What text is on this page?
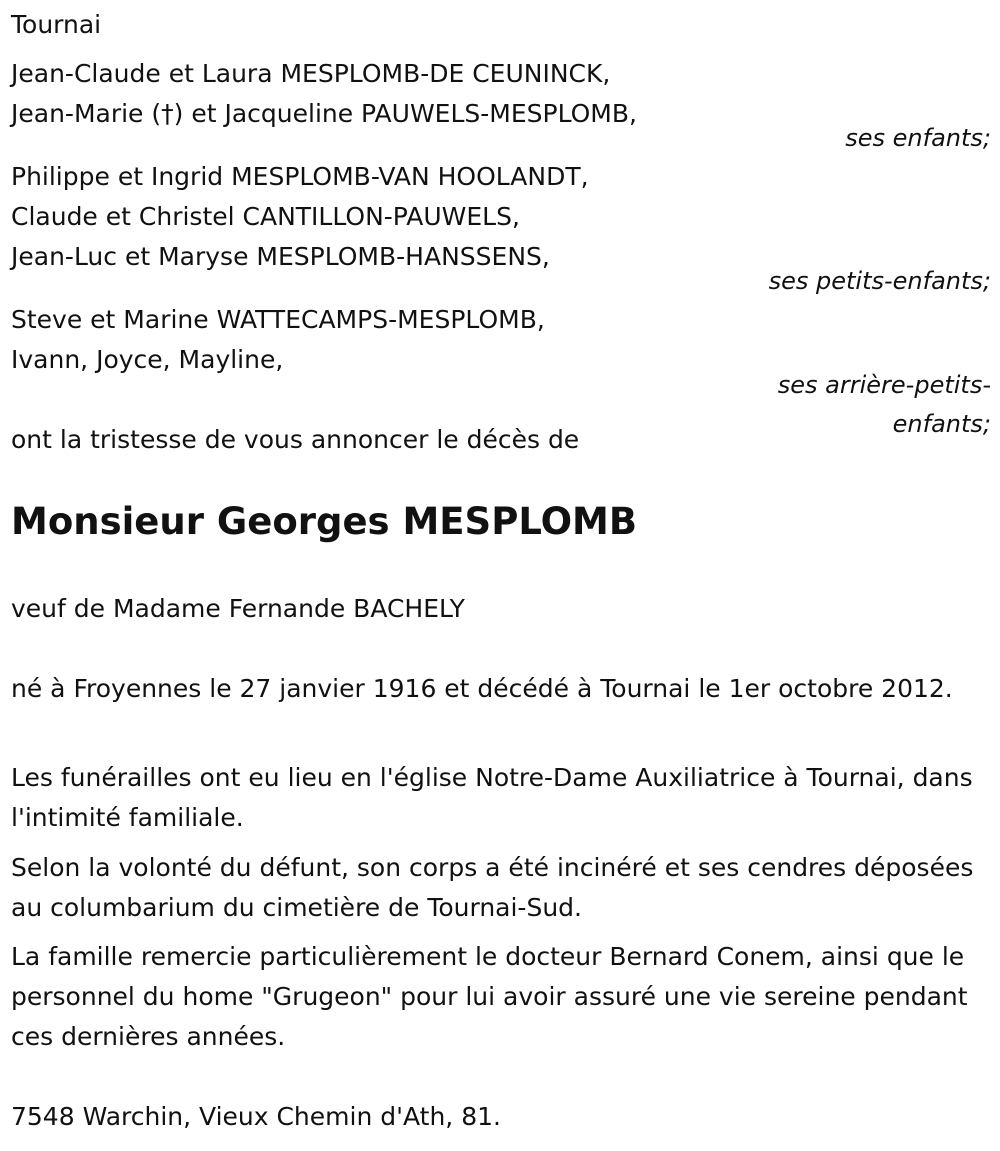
Tournai
Jean-Claude et Laura MESPLOMB-DE CEUNINCK,
Jean-Marie (†) et Jacqueline PAUWELS-MESPLOMB,
ses enfants;
Philippe et Ingrid MESPLOMB-VAN HOOLANDT,
Claude et Christel CANTILLON-PAUWELS,
Jean-Luc et Maryse MESPLOMB-HANSSENS,
ses petits-enfants;
Steve et Marine WATTECAMPS-MESPLOMB,
Ivann, Joyce, Mayline,
ses arrière-petits-
enfants;
ont la tristesse de vous annoncer le décès de
Monsieur Georges MESPLOMB
veuf de Madame Fernande BACHELY
né à Froyennes le 27 janvier 1916 et décédé à Tournai le 1er octobre 2012.
Les funérailles ont eu lieu en l'église Notre-Dame Auxiliatrice à Tournai, dans l'intimité familiale.
Selon la volonté du défunt, son corps a été incinéré et ses cendres déposées au columbarium du cimetière de Tournai-Sud.
La famille remercie particulièrement le docteur Bernard Conem, ainsi que le personnel du home "Grugeon" pour lui avoir assuré une vie sereine pendant ces dernières années.
7548 Warchin, Vieux Chemin d'Ath, 81.
